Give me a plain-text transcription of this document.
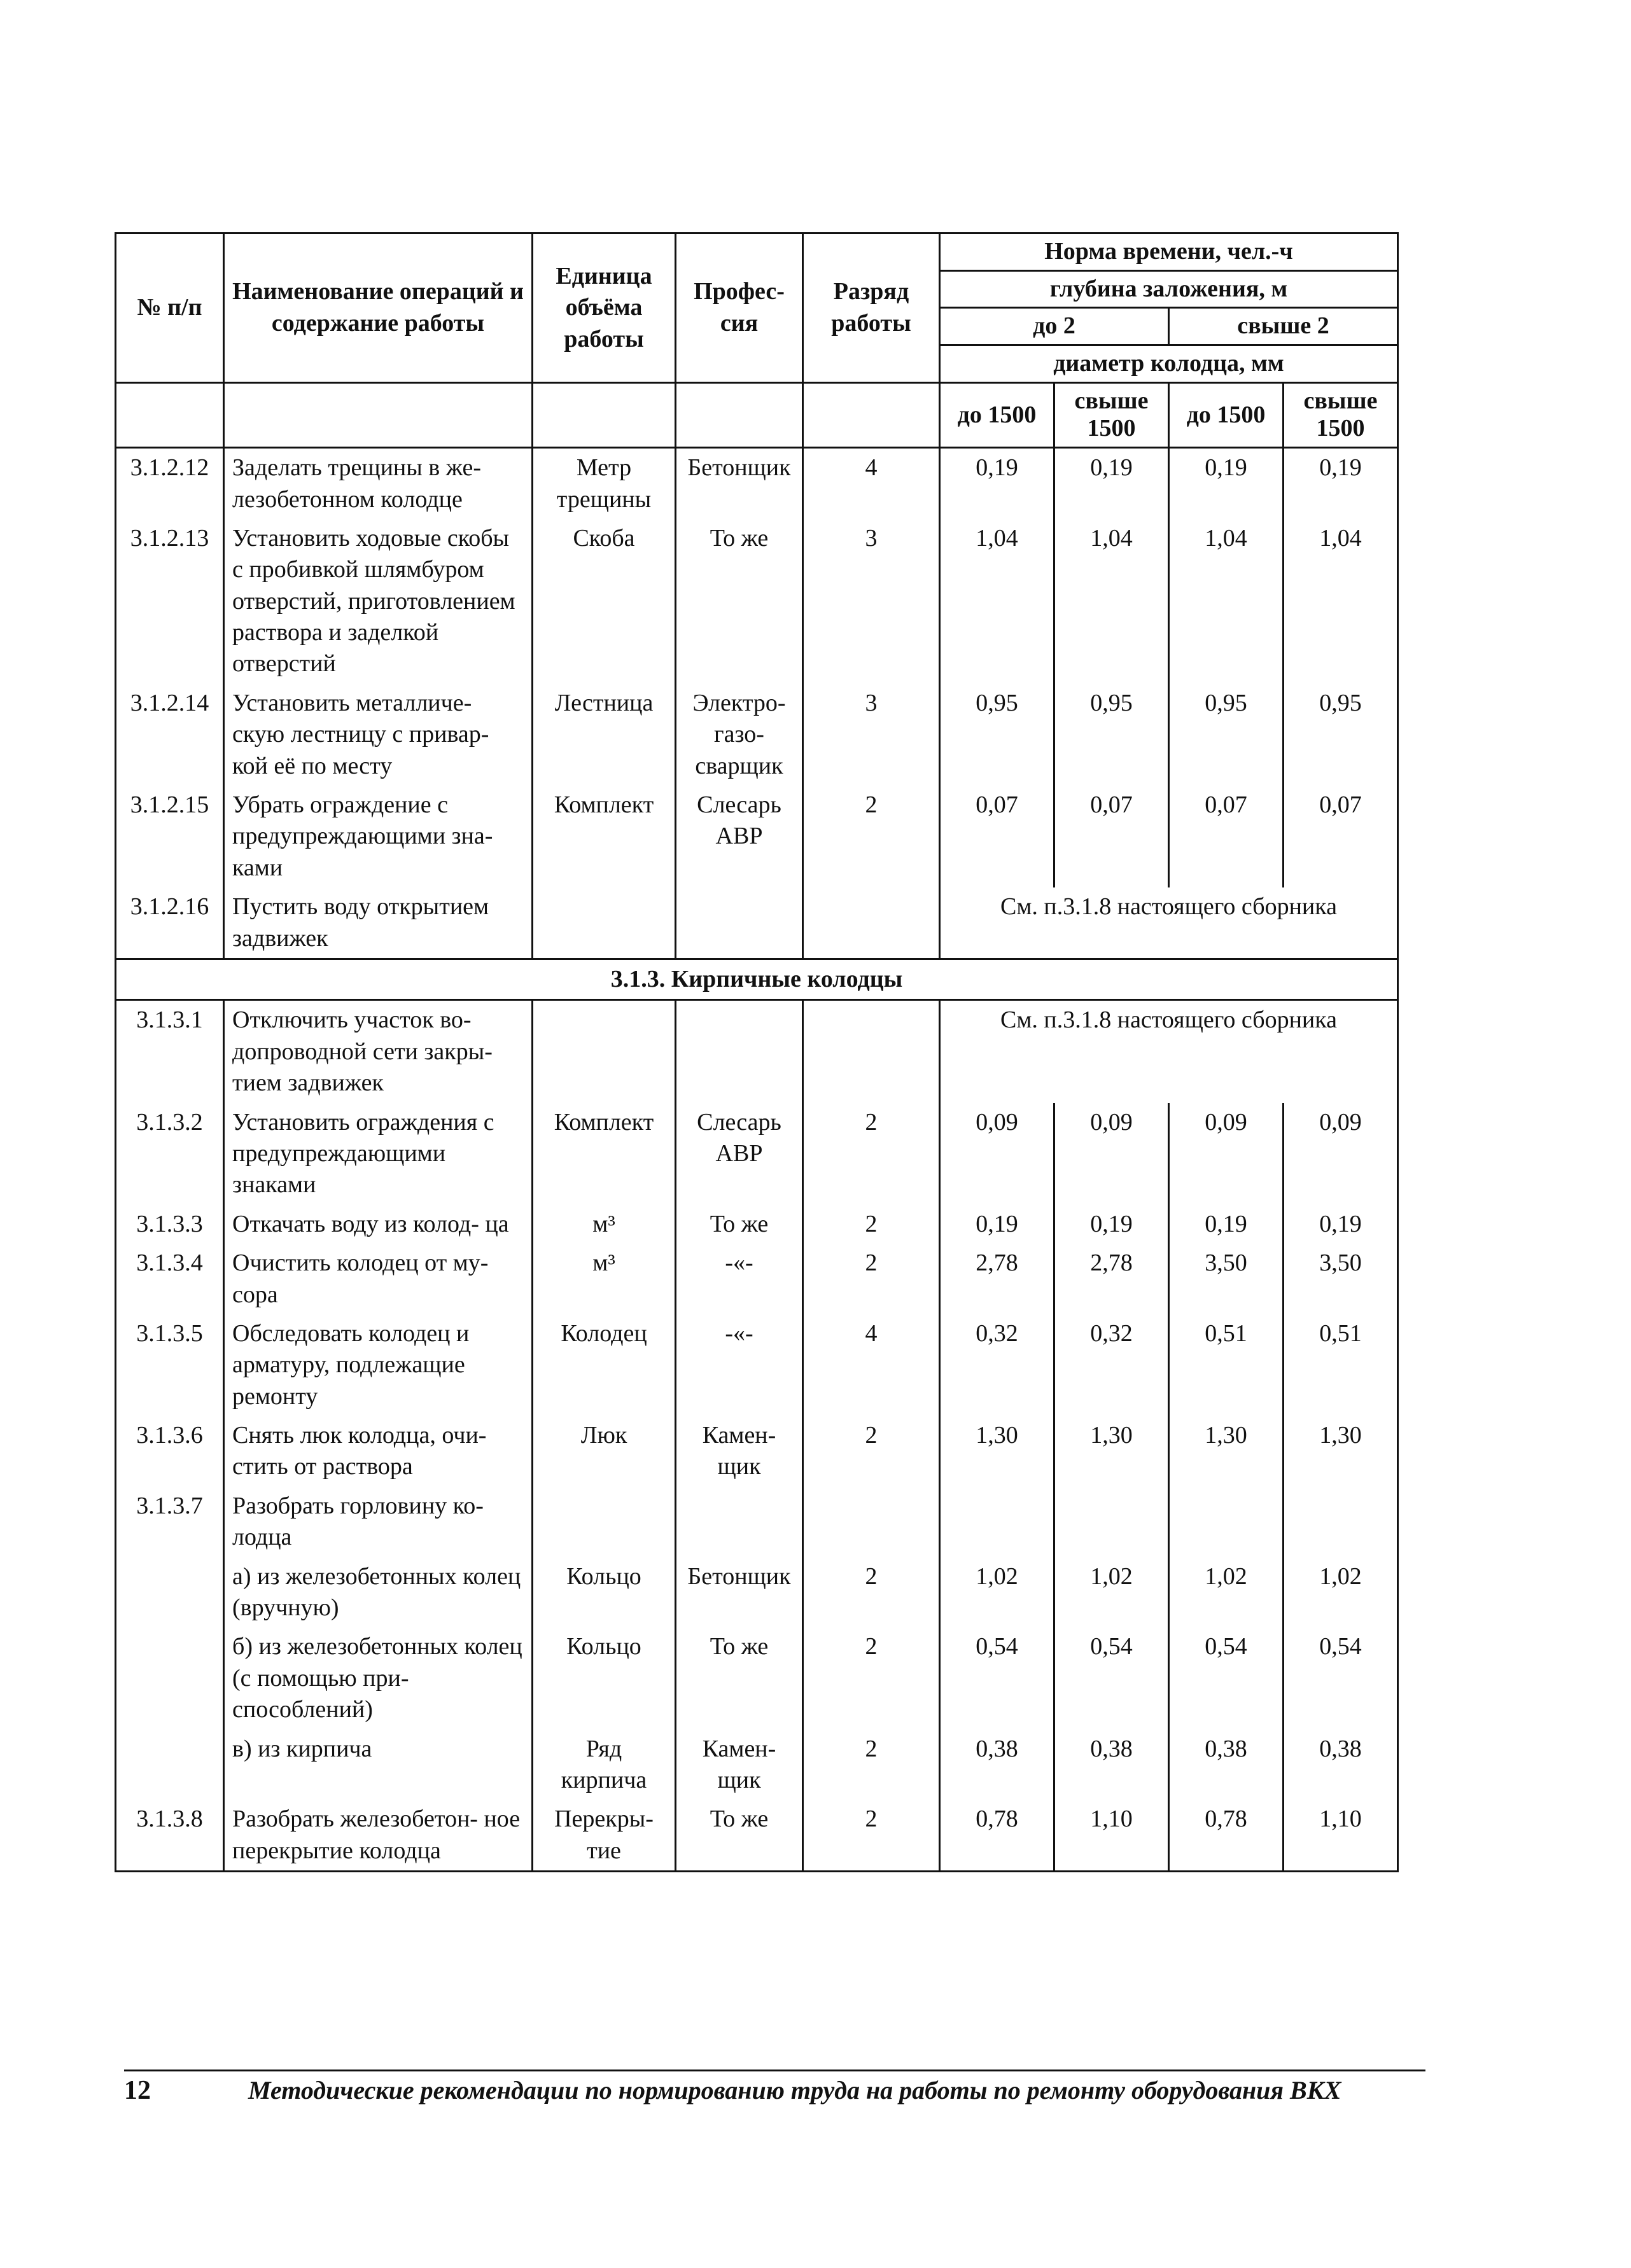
№ п/п	Наименование операций и содержание работы	Единица объёма работы	Профес- сия	Разряд работы	Норма времени, чел.-ч			
					глубина заложения, м			
					до 2		свыше 2	
					диаметр колодца, мм			
					до 1500	свыше 1500	до 1500	свыше 1500
3.1.2.12	Заделать трещины в же- лезобетонном колодце	Метр трещины	Бетонщик	4	0,19	0,19	0,19	0,19
3.1.2.13	Установить ходовые скобы с пробивкой шлямбуром отверстий, приготовлением раствора и заделкой отверстий	Скоба	То же	3	1,04	1,04	1,04	1,04
3.1.2.14	Установить металличе- скую лестницу с привар- кой её по месту	Лестница	Электро- газо- сварщик	3	0,95	0,95	0,95	0,95
3.1.2.15	Убрать ограждение с предупреждающими зна- ками	Комплект	Слесарь АВР	2	0,07	0,07	0,07	0,07
3.1.2.16	Пустить воду открытием задвижек				См. п.3.1.8 настоящего сборника			
3.1.3. Кирпичные колодцы								
3.1.3.1	Отключить участок во- допроводной сети закры- тием задвижек				См. п.3.1.8 настоящего сборника			
3.1.3.2	Установить ограждения с предупреждающими знаками	Комплект	Слесарь АВР	2	0,09	0,09	0,09	0,09
3.1.3.3	Откачать воду из колод- ца	м³	То же	2	0,19	0,19	0,19	0,19
3.1.3.4	Очистить колодец от му- сора	м³	-«-	2	2,78	2,78	3,50	3,50
3.1.3.5	Обследовать колодец и арматуру, подлежащие ремонту	Колодец	-«-	4	0,32	0,32	0,51	0,51
3.1.3.6	Снять люк колодца, очи- стить от раствора	Люк	Камен- щик	2	1,30	1,30	1,30	1,30
3.1.3.7	Разобрать горловину ко- лодца							
	а) из железобетонных колец (вручную)	Кольцо	Бетонщик	2	1,02	1,02	1,02	1,02
	б) из железобетонных колец (с помощью при- способлений)	Кольцо	То же	2	0,54	0,54	0,54	0,54
	в) из кирпича	Ряд кирпича	Камен- щик	2	0,38	0,38	0,38	0,38
3.1.3.8	Разобрать железобетон- ное перекрытие колодца	Перекры- тие	То же	2	0,78	1,10	0,78	1,10
12	Методические рекомендации по нормированию труда на работы по ремонту оборудования ВКХ
